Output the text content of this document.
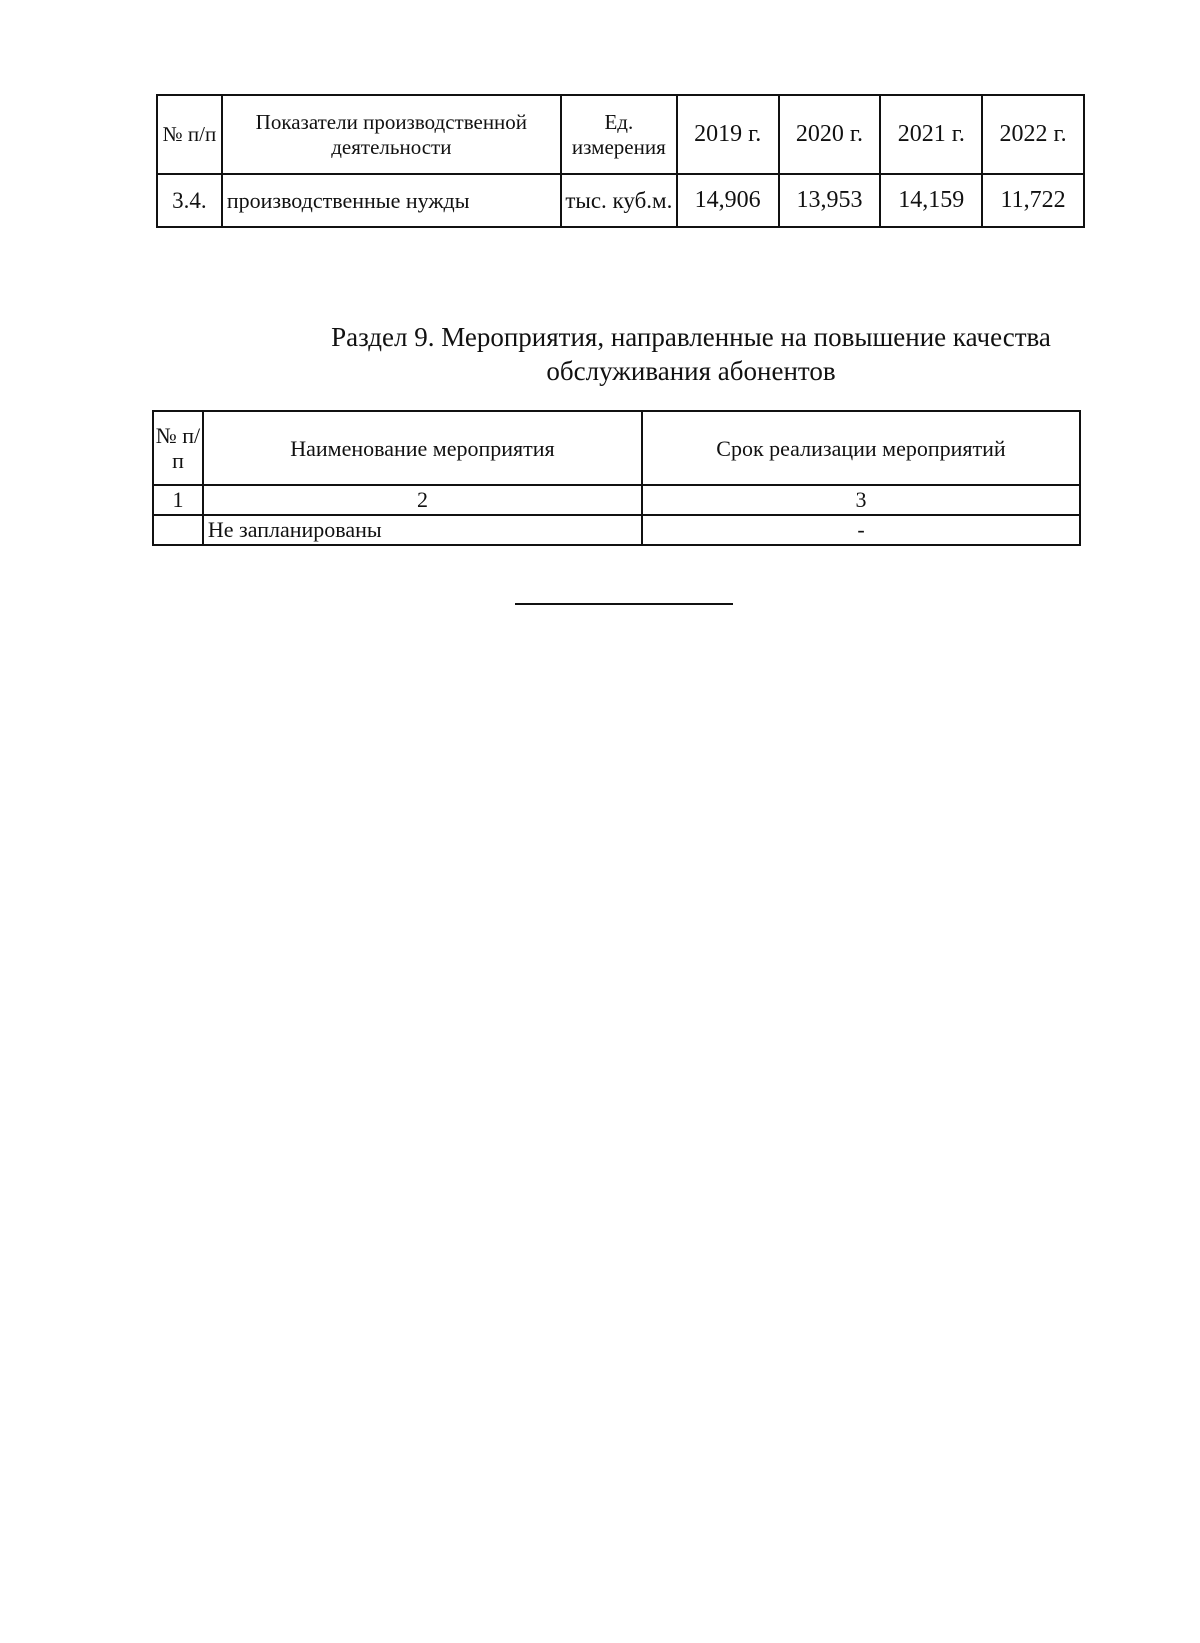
№ п/п	Показатели производственной деятельности	Ед. измерения	2019 г.	2020 г.	2021 г.	2022 г.
3.4.	производственные нужды	тыс. куб.м.	14,906	13,953	14,159	11,722

Раздел 9. Мероприятия, направленные на повышение качества

обслуживания абонентов

№ п/п	Наименование мероприятия	Срок реализации мероприятий
1	2	3
	Не запланированы	-
